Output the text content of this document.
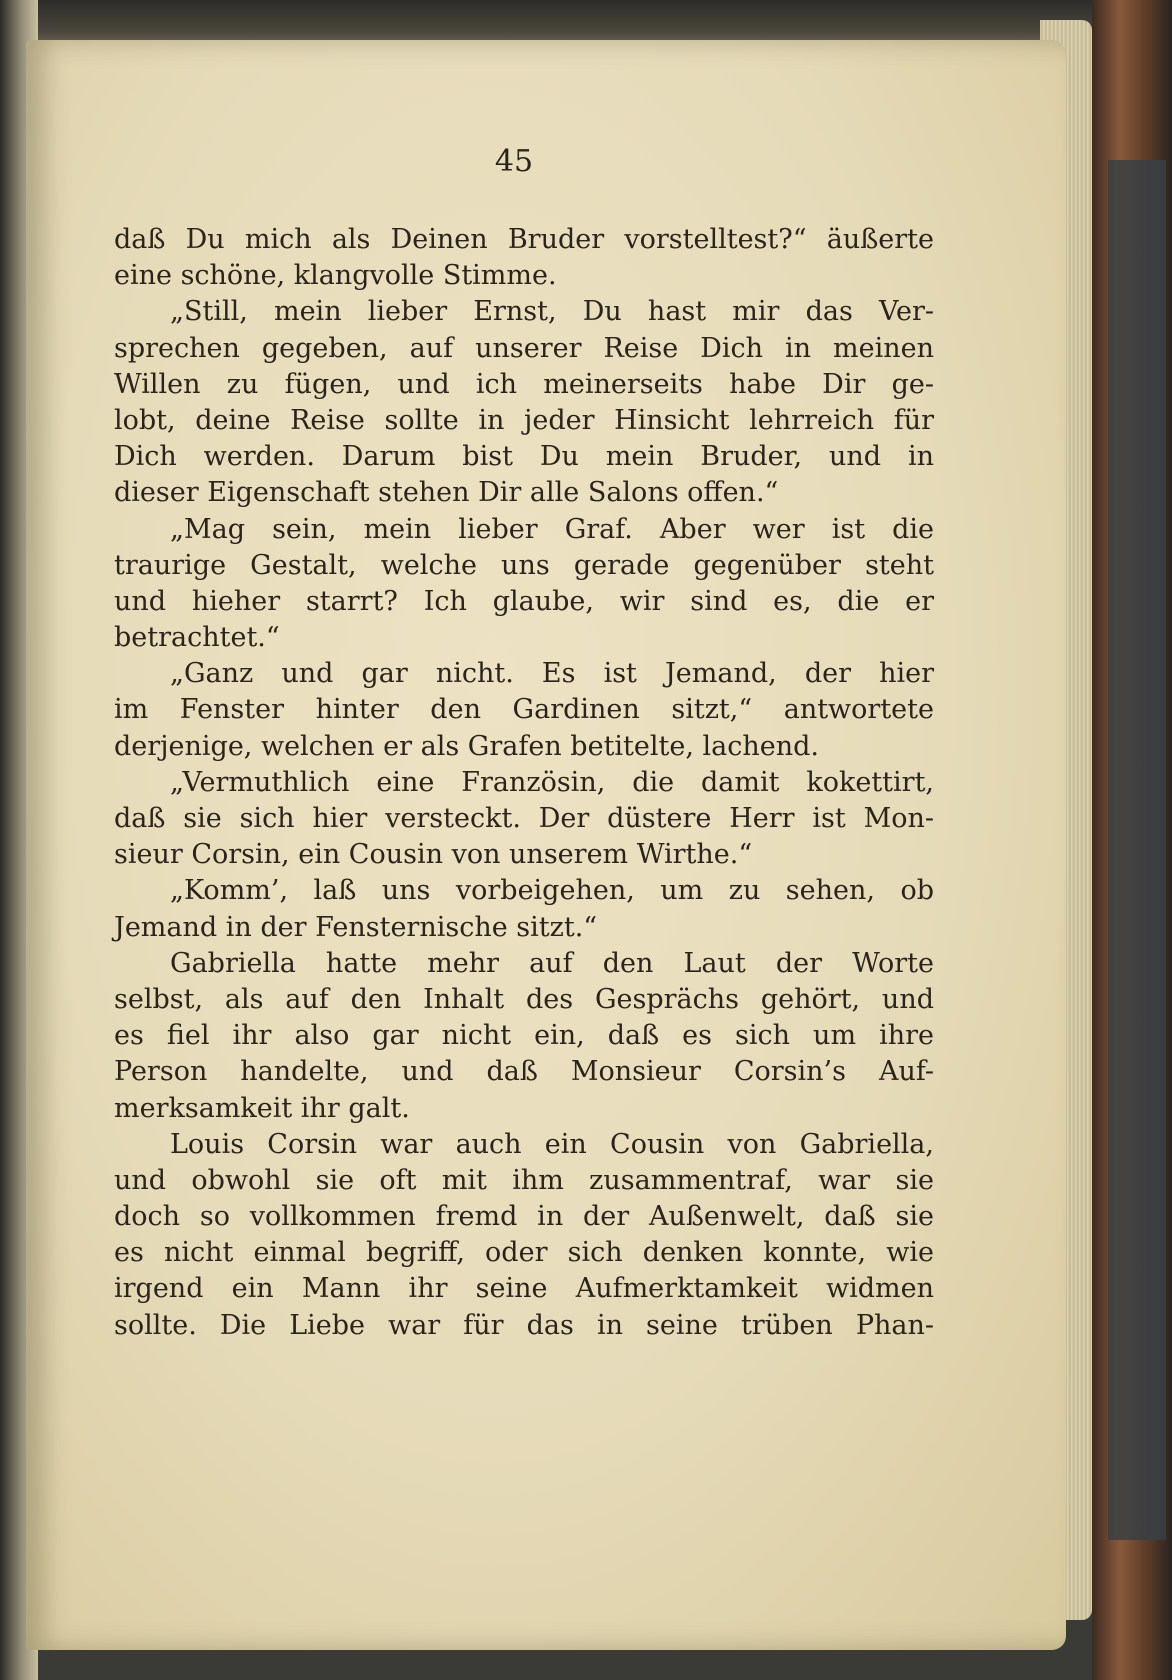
45
daß Du mich als Deinen Bruder vorstelltest?“ äußerte
eine schöne, klangvolle Stimme.
„Still, mein lieber Ernst, Du hast mir das Ver-
sprechen gegeben, auf unserer Reise Dich in meinen
Willen zu fügen, und ich meinerseits habe Dir ge-
lobt, deine Reise sollte in jeder Hinsicht lehrreich für
Dich werden. Darum bist Du mein Bruder, und in
dieser Eigenschaft stehen Dir alle Salons offen.“
„Mag sein, mein lieber Graf. Aber wer ist die
traurige Gestalt, welche uns gerade gegenüber steht
und hieher starrt? Ich glaube, wir sind es, die er
betrachtet.“
„Ganz und gar nicht. Es ist Jemand, der hier
im Fenster hinter den Gardinen sitzt,“ antwortete
derjenige, welchen er als Grafen betitelte, lachend.
„Vermuthlich eine Französin, die damit kokettirt,
daß sie sich hier versteckt. Der düstere Herr ist Mon-
sieur Corsin, ein Cousin von unserem Wirthe.“
„Komm’, laß uns vorbeigehen, um zu sehen, ob
Jemand in der Fensternische sitzt.“
Gabriella hatte mehr auf den Laut der Worte
selbst, als auf den Inhalt des Gesprächs gehört, und
es fiel ihr also gar nicht ein, daß es sich um ihre
Person handelte, und daß Monsieur Corsin’s Auf-
merksamkeit ihr galt.
Louis Corsin war auch ein Cousin von Gabriella,
und obwohl sie oft mit ihm zusammentraf, war sie
doch so vollkommen fremd in der Außenwelt, daß sie
es nicht einmal begriff, oder sich denken konnte, wie
irgend ein Mann ihr seine Aufmerktamkeit widmen
sollte. Die Liebe war für das in seine trüben Phan-
